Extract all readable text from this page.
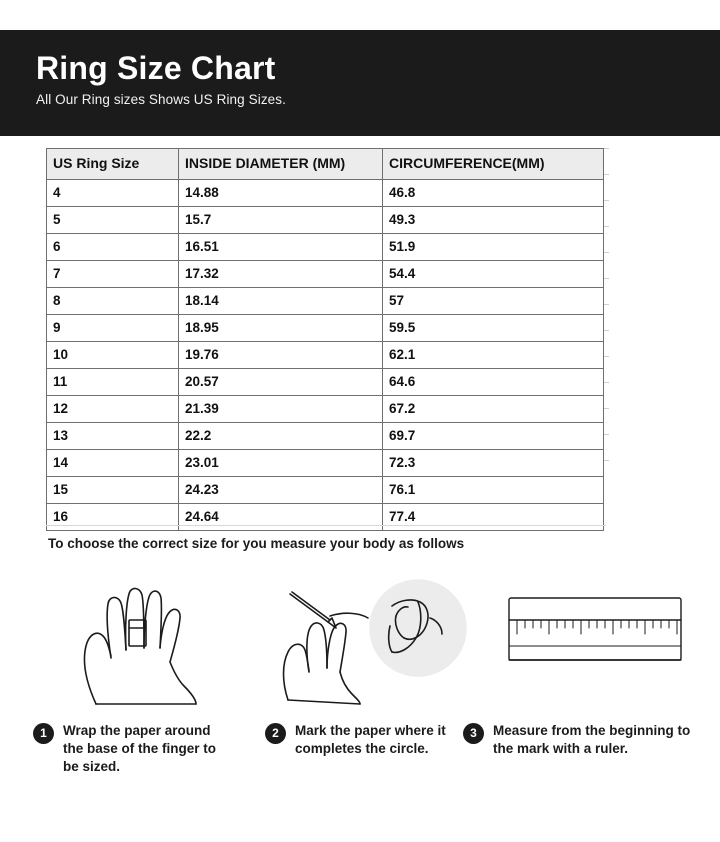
Ring Size Chart

All Our Ring sizes Shows US Ring Sizes.

US Ring Size	INSIDE DIAMETER (MM)	CIRCUMFERENCE(MM)
4	14.88	46.8
5	15.7	49.3
6	16.51	51.9
7	17.32	54.4
8	18.14	57
9	18.95	59.5
10	19.76	62.1
11	20.57	64.6
12	21.39	67.2
13	22.2	69.7
14	23.01	72.3
15	24.23	76.1
16	24.64	77.4
To choose the correct size for you measure your body as follows
1	Wrap the paper around the base of the finger to be sized.
2	Mark the paper where it completes the circle.
3	Measure from the beginning to the mark with a ruler.
